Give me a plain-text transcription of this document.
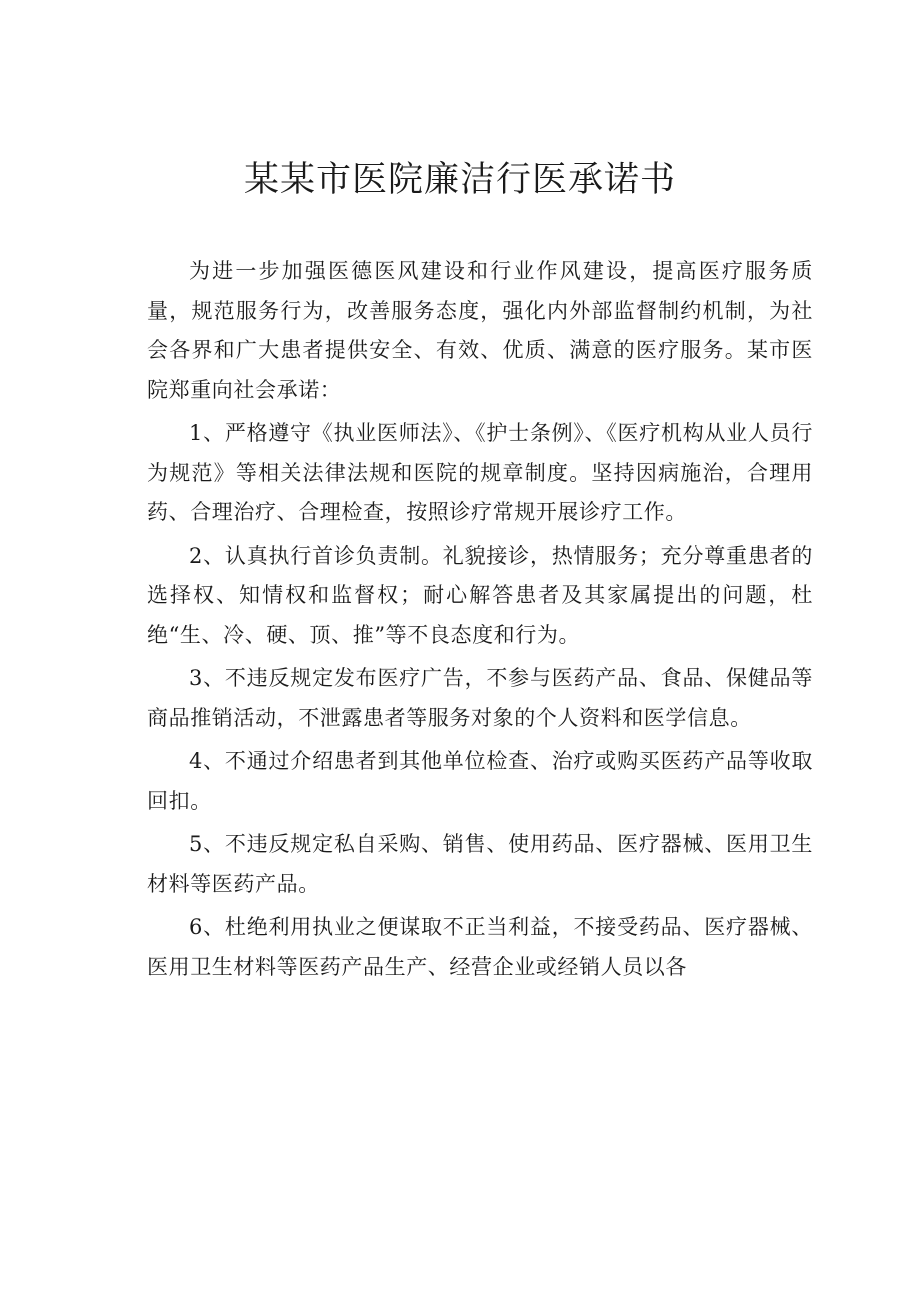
某某市医院廉洁行医承诺书

为进一步加强医德医风建设和行业作风建设，提高医疗服务质量，规范服务行为，改善服务态度，强化内外部监督制约机制，为社会各界和广大患者提供安全、有效、优质、满意的医疗服务。某市医院郑重向社会承诺：

1、严格遵守《执业医师法》、《护士条例》、《医疗机构从业人员行为规范》等相关法律法规和医院的规章制度。坚持因病施治，合理用药、合理治疗、合理检查，按照诊疗常规开展诊疗工作。

2、认真执行首诊负责制。礼貌接诊，热情服务；充分尊重患者的选择权、知情权和监督权；耐心解答患者及其家属提出的问题，杜绝“生、冷、硬、顶、推”等不良态度和行为。

3、不违反规定发布医疗广告，不参与医药产品、食品、保健品等商品推销活动，不泄露患者等服务对象的个人资料和医学信息。

4、不通过介绍患者到其他单位检查、治疗或购买医药产品等收取回扣。

5、不违反规定私自采购、销售、使用药品、医疗器械、医用卫生材料等医药产品。

6、杜绝利用执业之便谋取不正当利益，不接受药品、医疗器械、医用卫生材料等医药产品生产、经营企业或经销人员以各
